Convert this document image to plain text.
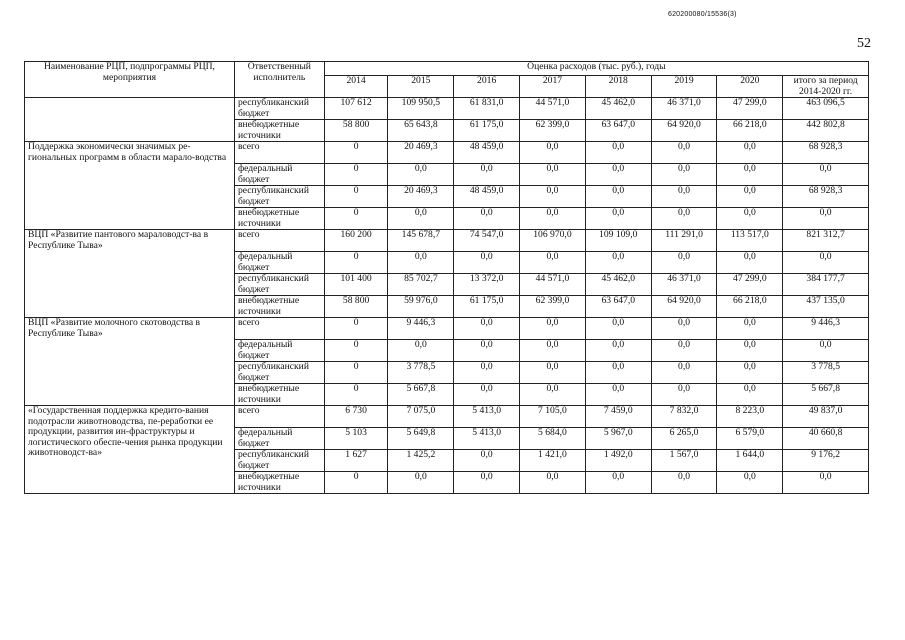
620200080/15536(3)
52
Наименование РЦП, подпрограммы РЦП, мероприятия	Ответственный исполнитель	Оценка расходов (тыс. руб.), годы							
		2014	2015	2016	2017	2018	2019	2020	итого за период 2014-2020 гг.
	республиканский бюджет	107 612	109 950,5	61 831,0	44 571,0	45 462,0	46 371,0	47 299,0	463 096,5
	внебюджетные источники	58 800	65 643,8	61 175,0	62 399,0	63 647,0	64 920,0	66 218,0	442 802,8
Поддержка экономически значимых ре-гиональных программ в области марало-водства	всего	0	20 469,3	48 459,0	0,0	0,0	0,0	0,0	68 928,3
	федеральный бюджет	0	0,0	0,0	0,0	0,0	0,0	0,0	0,0
	республиканский бюджет	0	20 469,3	48 459,0	0,0	0,0	0,0	0,0	68 928,3
	внебюджетные источники	0	0,0	0,0	0,0	0,0	0,0	0,0	0,0
ВЦП «Развитие пантового мараловодст-ва в Республике Тыва»	всего	160 200	145 678,7	74 547,0	106 970,0	109 109,0	111 291,0	113 517,0	821 312,7
	федеральный бюджет	0	0,0	0,0	0,0	0,0	0,0	0,0	0,0
	республиканский бюджет	101 400	85 702,7	13 372,0	44 571,0	45 462,0	46 371,0	47 299,0	384 177,7
	внебюджетные источники	58 800	59 976,0	61 175,0	62 399,0	63 647,0	64 920,0	66 218,0	437 135,0
ВЦП «Развитие молочного скотоводства в Республике Тыва»	всего	0	9 446,3	0,0	0,0	0,0	0,0	0,0	9 446,3
	федеральный бюджет	0	0,0	0,0	0,0	0,0	0,0	0,0	0,0
	республиканский бюджет	0	3 778,5	0,0	0,0	0,0	0,0	0,0	3 778,5
	внебюджетные источники	0	5 667,8	0,0	0,0	0,0	0,0	0,0	5 667,8
«Государственная поддержка кредито-вания подотрасли животноводства, пе-реработки ее продукции, развития ин-фраструктуры и логистического обеспе-чения рынка продукции животноводст-ва»	всего	6 730	7 075,0	5 413,0	7 105,0	7 459,0	7 832,0	8 223,0	49 837,0
	федеральный бюджет	5 103	5 649,8	5 413,0	5 684,0	5 967,0	6 265,0	6 579,0	40 660,8
	республиканский бюджет	1 627	1 425,2	0,0	1 421,0	1 492,0	1 567,0	1 644,0	9 176,2
	внебюджетные источники	0	0,0	0,0	0,0	0,0	0,0	0,0	0,0
